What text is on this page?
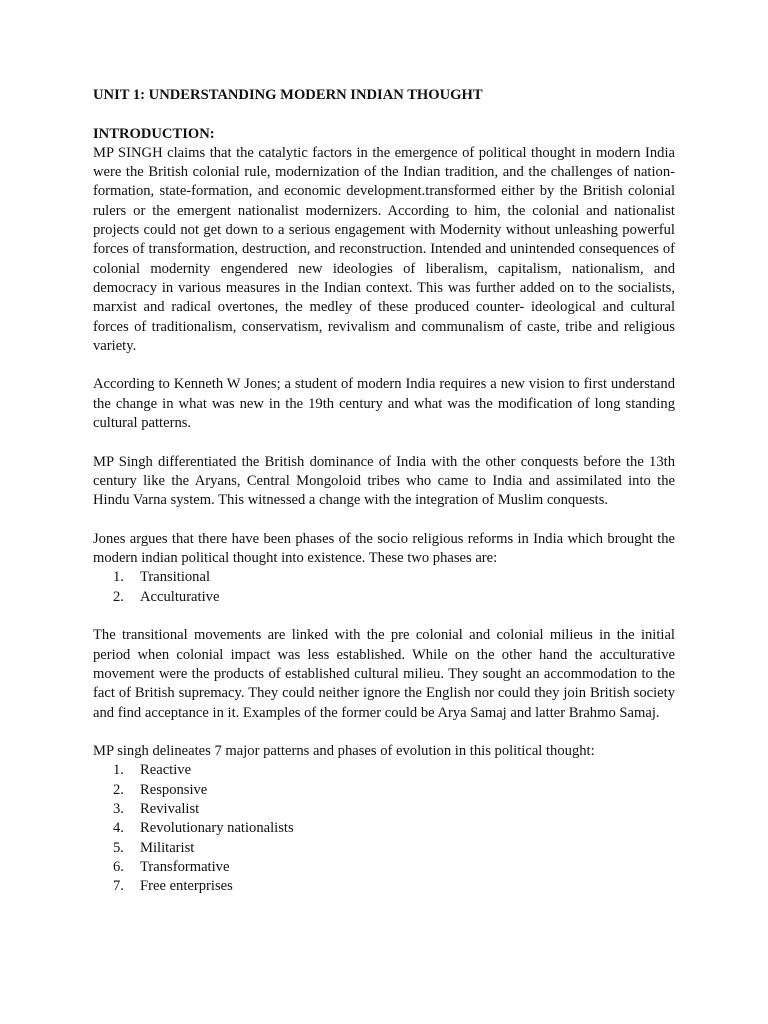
UNIT 1: UNDERSTANDING MODERN INDIAN THOUGHT
INTRODUCTION:

MP SINGH claims that the catalytic factors in the emergence of political thought in modern India were the British colonial rule, modernization of the Indian tradition, and the challenges of nation-formation, state-formation, and economic development.transformed either by the British colonial rulers or the emergent nationalist modernizers. According to him, the colonial and nationalist projects could not get down to a serious engagement with Modernity without unleashing powerful forces of transformation, destruction, and reconstruction. Intended and unintended consequences of colonial modernity engendered new ideologies of liberalism, capitalism, nationalism, and democracy in various measures in the Indian context. This was further added on to the socialists, marxist and radical overtones, the medley of these produced counter- ideological and cultural forces of traditionalism, conservatism, revivalism and communalism of caste, tribe and religious variety.

According to Kenneth W Jones; a student of modern India requires a new vision to first understand the change in what was new in the 19th century and what was the modification of long standing cultural patterns.

MP Singh differentiated the British dominance of India with the other conquests before the 13th century like the Aryans, Central Mongoloid tribes who came to India and assimilated into the Hindu Varna system. This witnessed a change with the integration of Muslim conquests.

Jones argues that there have been phases of the socio religious reforms in India which brought the modern indian political thought into existence. These two phases are:

1.	Transitional
2.	Acculturative

The transitional movements are linked with the pre colonial and colonial milieus in the initial period when colonial impact was less established. While on the other hand the acculturative movement were the products of established cultural milieu. They sought an accommodation to the fact of British supremacy. They could neither ignore the English nor could they join British society and find acceptance in it. Examples of the former could be Arya Samaj and latter Brahmo Samaj.

MP singh delineates 7 major patterns and phases of evolution in this political thought:

1.	Reactive
2.	Responsive
3.	Revivalist
4.	Revolutionary nationalists
5.	Militarist
6.	Transformative
7.	Free enterprises
